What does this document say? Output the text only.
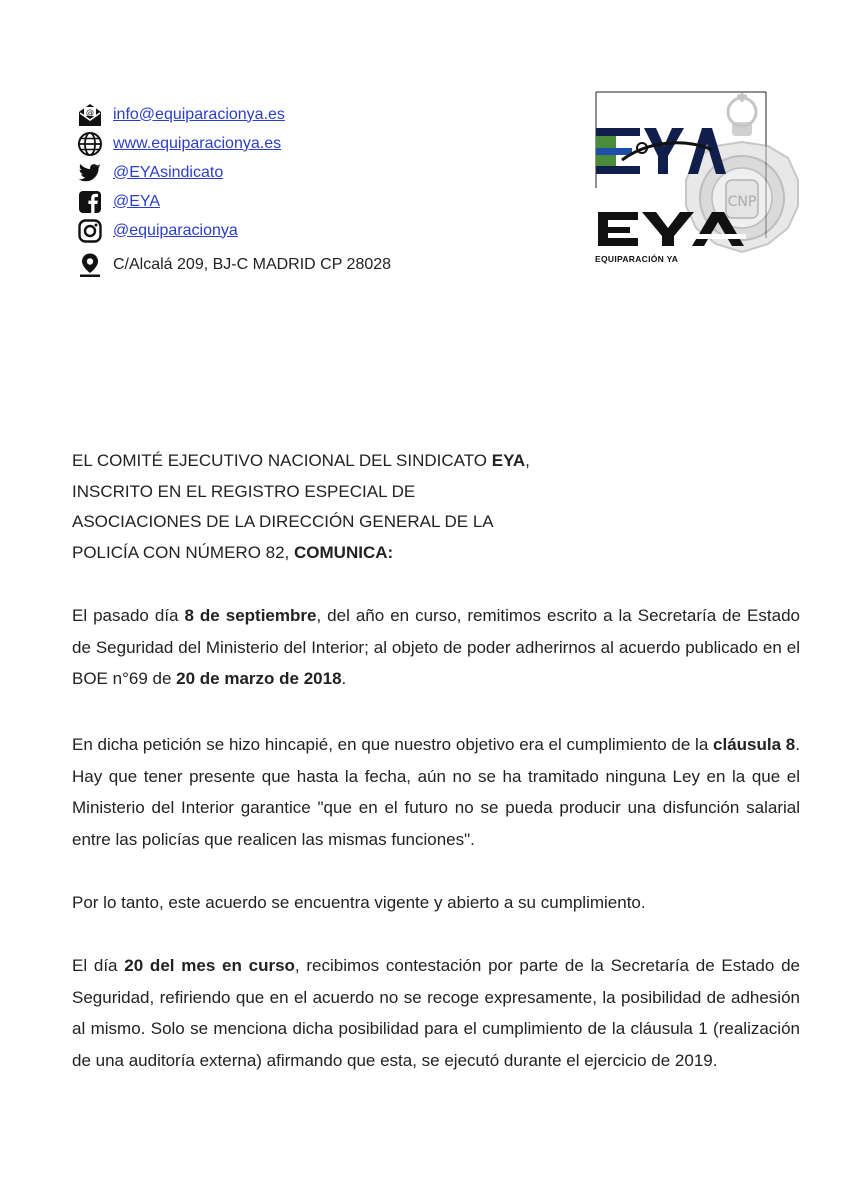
@ info@equiparacionya.es
www.equiparacionya.es
@EYAsindicato
@EYA
@equiparacionya
C/Alcalá 209, BJ-C MADRID CP 28028
CNP
EQUIPARACIÓN YA
EL COMITÉ EJECUTIVO NACIONAL DEL SINDICATO EYA,
INSCRITO EN EL REGISTRO ESPECIAL DE
ASOCIACIONES DE LA DIRECCIÓN GENERAL DE LA
POLICÍA CON NÚMERO 82, COMUNICA:
El pasado día 8 de septiembre, del año en curso, remitimos escrito a la Secretaría de Estado de Seguridad del Ministerio del Interior; al objeto de poder adherirnos al acuerdo publicado en el BOE n°69 de 20 de marzo de 2018.
En dicha petición se hizo hincapié, en que nuestro objetivo era el cumplimiento de la cláusula 8. Hay que tener presente que hasta la fecha, aún no se ha tramitado ninguna Ley en la que el Ministerio del Interior garantice "que en el futuro no se pueda producir una disfunción salarial entre las policías que realicen las mismas funciones".
Por lo tanto, este acuerdo se encuentra vigente y abierto a su cumplimiento.
El día 20 del mes en curso, recibimos contestación por parte de la Secretaría de Estado de Seguridad, refiriendo que en el acuerdo no se recoge expresamente, la posibilidad de adhesión al mismo. Solo se menciona dicha posibilidad para el cumplimiento de la cláusula 1 (realización de una auditoría externa) afirmando que esta, se ejecutó durante el ejercicio de 2019.
